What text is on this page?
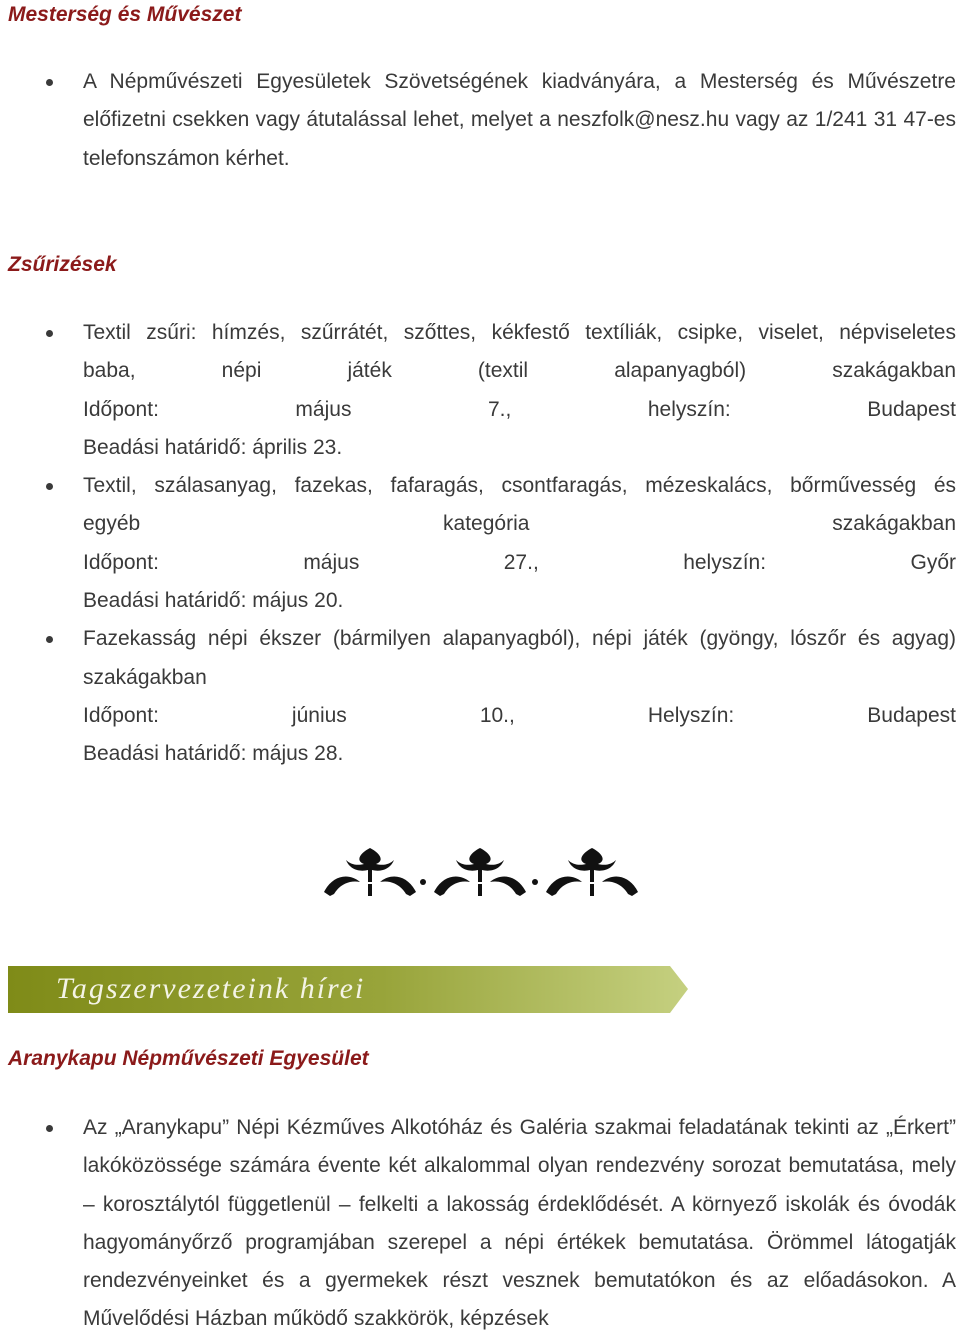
Mesterség és Művészet
A Népművészeti Egyesületek Szövetségének kiadványára, a Mesterség és Művészetre előfizetni csekken vagy átutalással lehet, melyet a neszfolk@nesz.hu vagy az 1/241 31 47-es telefonszámon kérhet.
Zsűrizések
Textil zsűri: hímzés, szűrrátét, szőttes, kékfestő textíliák, csipke, viselet, népviseletes
baba, népi játék (textil alapanyagból) szakágakban
Időpont: május 7., helyszín: Budapest
Beadási határidő: április 23.
Textil, szálasanyag, fazekas, fafaragás, csontfaragás, mézeskalács, bőrművesség és
egyéb kategória szakágakban
Időpont: május 27., helyszín: Győr
Beadási határidő: május 20.
Fazekasság népi ékszer (bármilyen alapanyagból), népi játék (gyöngy, lószőr és agyag)
szakágakban
Időpont: június 10., Helyszín: Budapest
Beadási határidő: május 28.
Tagszervezeteink hírei
Aranykapu Népművészeti Egyesület
Az „Aranykapu” Népi Kézműves Alkotóház és Galéria szakmai feladatának tekinti az „Érkert” lakóközössége számára évente két alkalommal olyan rendezvény sorozat bemutatása, mely – korosztálytól függetlenül – felkelti a lakosság érdeklődését. A környező iskolák és óvodák hagyományőrző programjában szerepel a népi értékek bemutatása. Örömmel látogatják rendezvényeinket és a gyermekek részt vesznek bemutatókon és az előadásokon. A Művelődési Házban működő szakkörök, képzések
